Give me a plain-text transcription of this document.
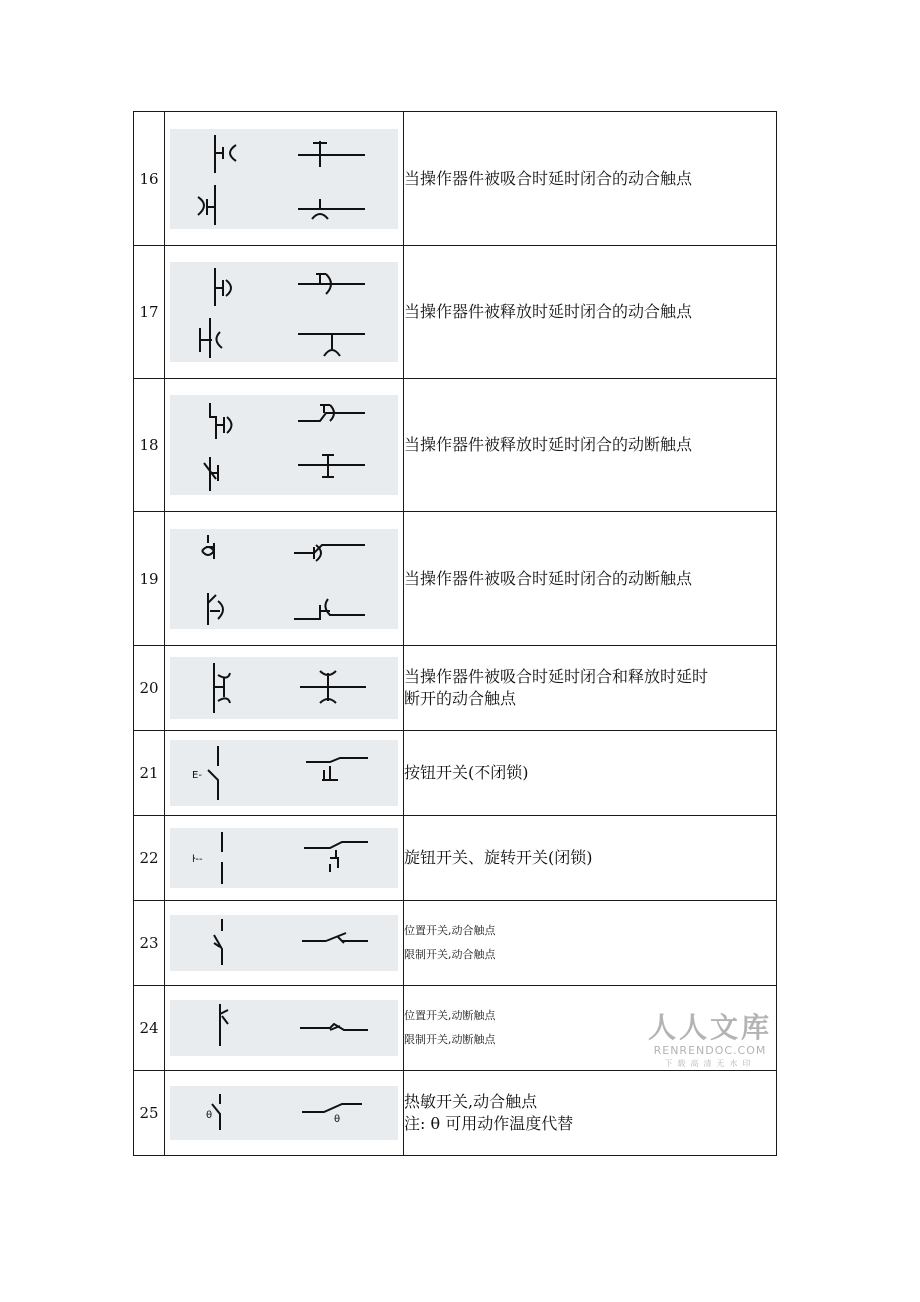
16		当操作器件被吸合时延时闭合的动合触点

17		当操作器件被释放时延时闭合的动合触点

18		当操作器件被释放时延时闭合的动断触点

19		当操作器件被吸合时延时闭合的动断触点

20		当操作器件被吸合时延时闭合和释放时延时
断开的动合触点

21	E-	按钮开关(不闭锁)

22	ŀ--	旋钮开关、旋转开关(闭锁)

23		位置开关,动合触点
限制开关,动合触点

24		位置开关,动断触点
限制开关,动断触点

25	θ θ	热敏开关,动合触点
注: θ 可用动作温度代替
人人文库
RENRENDOC.COM
下载高清无水印
